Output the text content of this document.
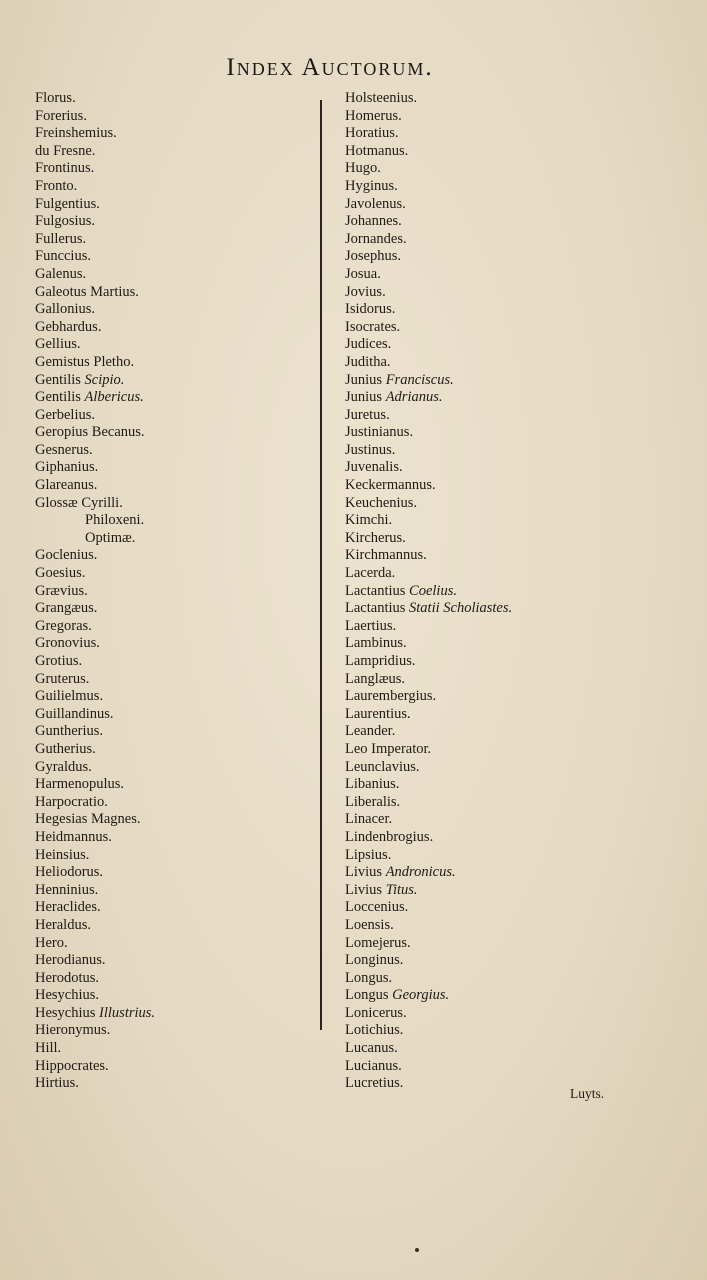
Index Auctorum.
Florus.
Forerius.
Freinshemius.
du Fresne.
Frontinus.
Fronto.
Fulgentius.
Fulgosius.
Fullerus.
Funccius.
Galenus.
Galeotus Martius.
Gallonius.
Gebhardus.
Gellius.
Gemistus Pletho.
Gentilis Scipio.
Gentilis Albericus.
Gerbelius.
Geropius Becanus.
Gesnerus.
Giphanius.
Glareanus.
Glossæ Cyrilli.
Philoxeni.
Optimæ.
Goclenius.
Goesius.
Grævius.
Grangæus.
Gregoras.
Gronovius.
Grotius.
Gruterus.
Guilielmus.
Guillandinus.
Guntherius.
Gutherius.
Gyraldus.
Harmenopulus.
Harpocratio.
Hegesias Magnes.
Heidmannus.
Heinsius.
Heliodorus.
Henninius.
Heraclides.
Heraldus.
Hero.
Herodianus.
Herodotus.
Hesychius.
Hesychius Illustrius.
Hieronymus.
Hill.
Hippocrates.
Hirtius.
Holsteenius.
Homerus.
Horatius.
Hotmanus.
Hugo.
Hyginus.
Javolenus.
Johannes.
Jornandes.
Josephus.
Josua.
Jovius.
Isidorus.
Isocrates.
Judices.
Juditha.
Junius Franciscus.
Junius Adrianus.
Juretus.
Justinianus.
Justinus.
Juvenalis.
Keckermannus.
Keuchenius.
Kimchi.
Kircherus.
Kirchmannus.
Lacerda.
Lactantius Coelius.
Lactantius Statii Scholiastes.
Laertius.
Lambinus.
Lampridius.
Langlæus.
Laurembergius.
Laurentius.
Leander.
Leo Imperator.
Leunclavius.
Libanius.
Liberalis.
Linacer.
Lindenbrogius.
Lipsius.
Livius Andronicus.
Livius Titus.
Loccenius.
Loensis.
Lomejerus.
Longinus.
Longus.
Longus Georgius.
Lonicerus.
Lotichius.
Lucanus.
Lucianus.
Lucretius.
Luyts.
